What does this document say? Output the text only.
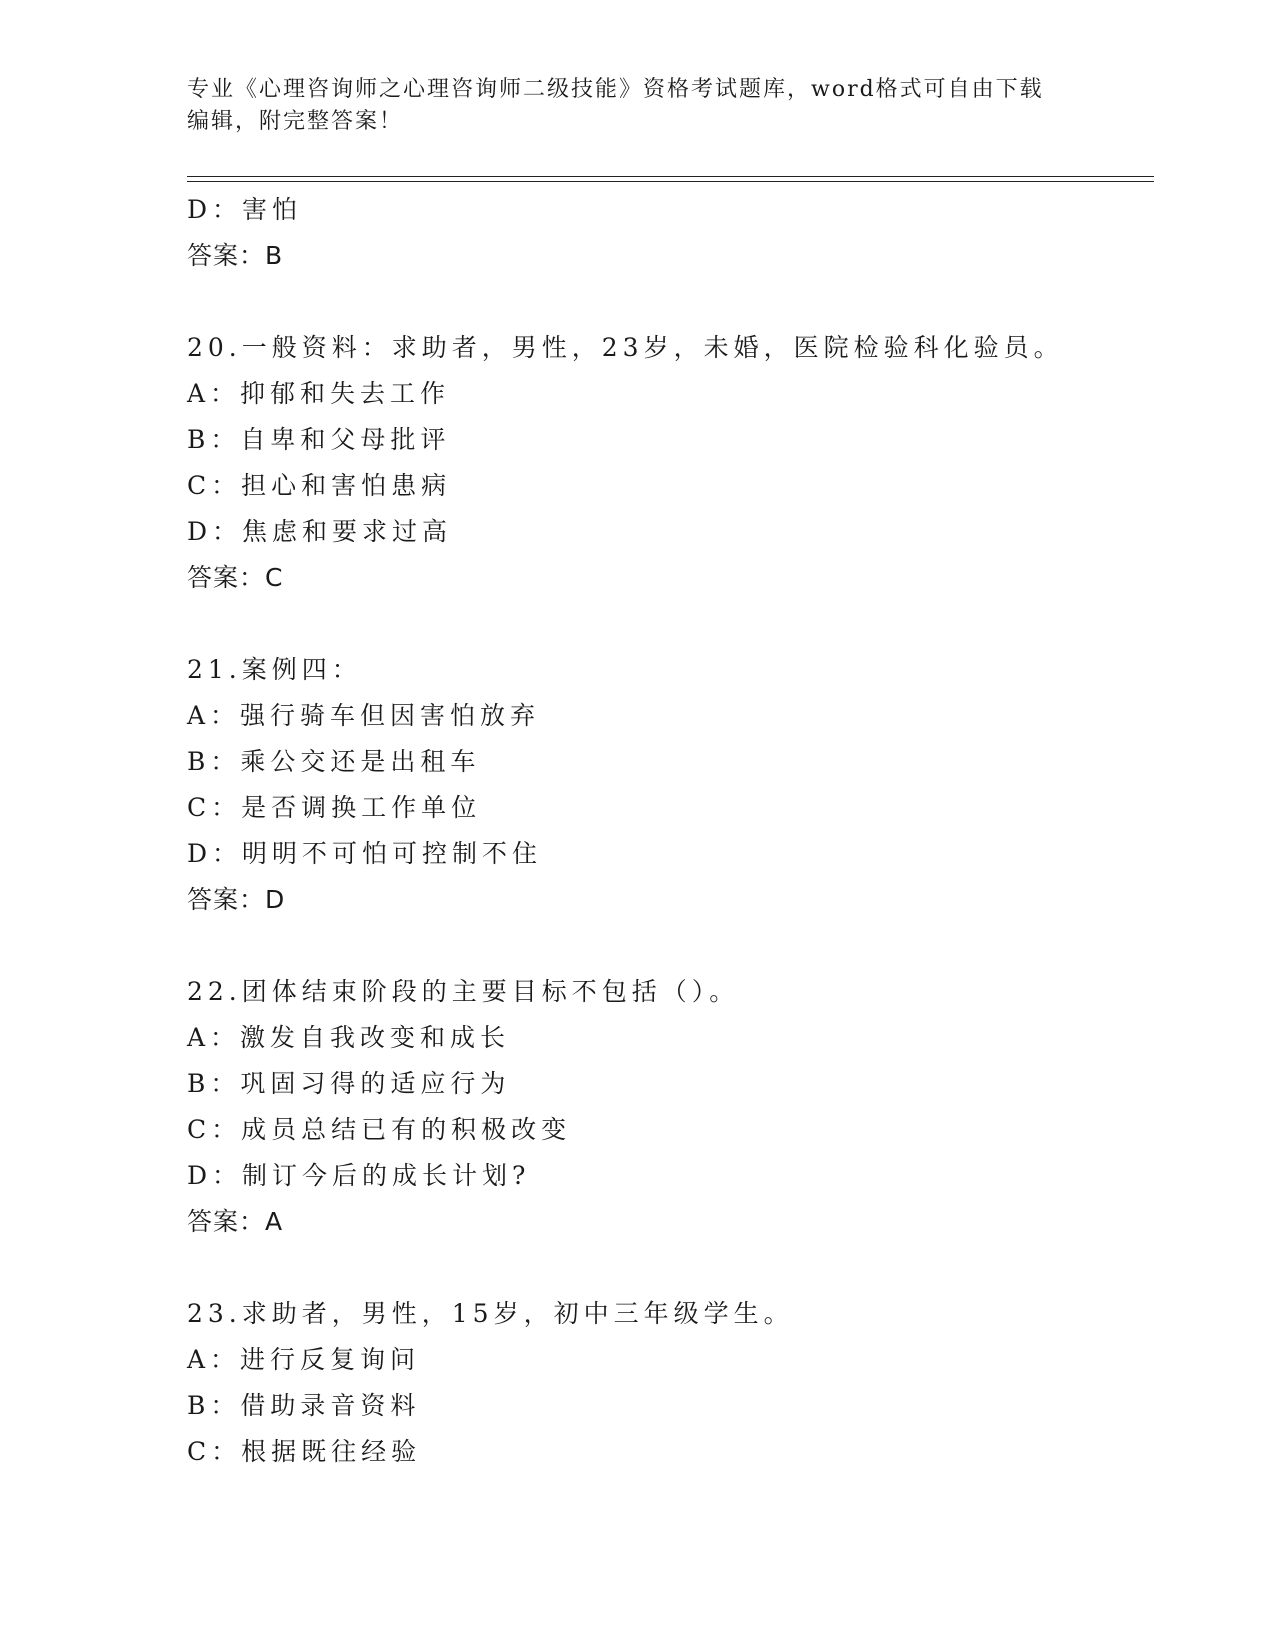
专业《心理咨询师之心理咨询师二级技能》资格考试题库，word格式可自由下载
编辑，附完整答案！
D：害怕
答案：B
20.一般资料：求助者，男性，23岁，未婚，医院检验科化验员。
A：抑郁和失去工作
B：自卑和父母批评
C：担心和害怕患病
D：焦虑和要求过高
答案：C
21.案例四：
A：强行骑车但因害怕放弃
B：乘公交还是出租车
C：是否调换工作单位
D：明明不可怕可控制不住
答案：D
22.团体结束阶段的主要目标不包括（）。
A：激发自我改变和成长
B：巩固习得的适应行为
C：成员总结已有的积极改变
D：制订今后的成长计划?
答案：A
23.求助者，男性，15岁，初中三年级学生。
A：进行反复询问
B：借助录音资料
C：根据既往经验
